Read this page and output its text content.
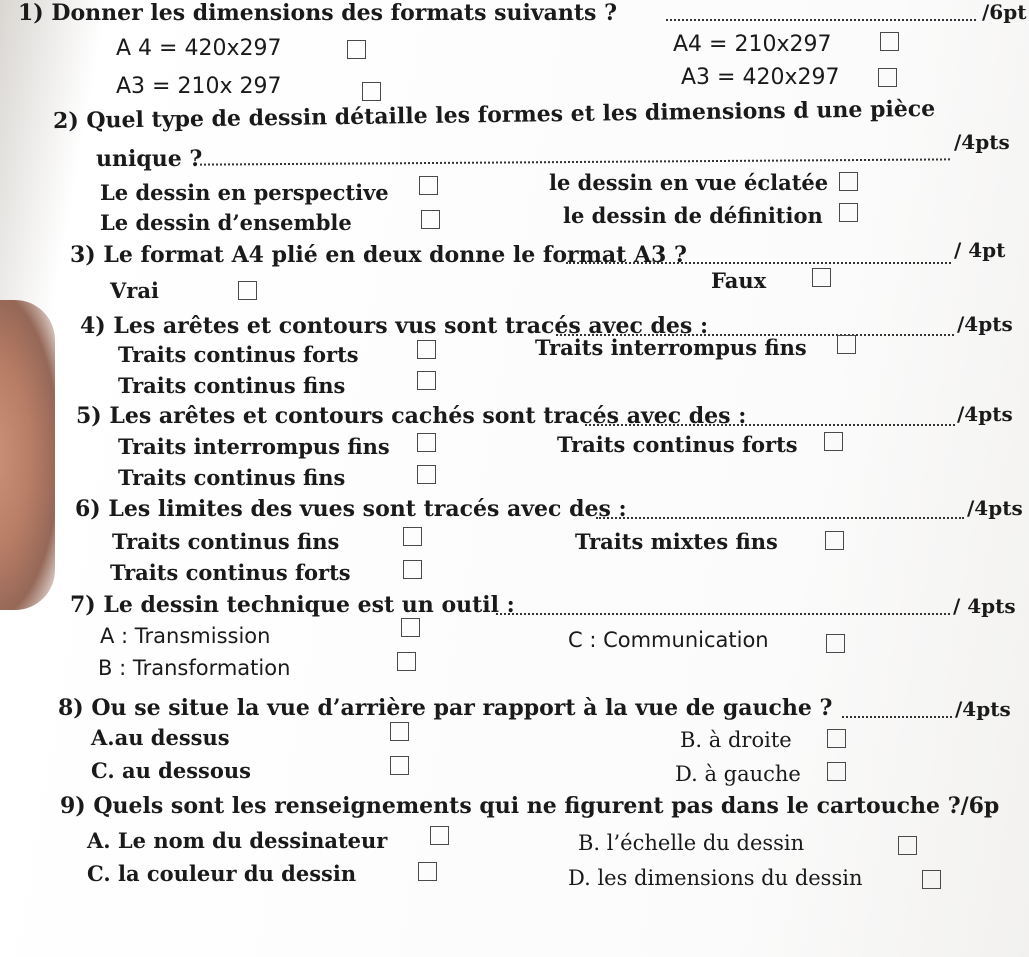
1) Donner les dimensions des formats suivants ?	/6pt
A 4 = 420x297
A3 = 210x 297
A4 = 210x297
A3 = 420x297
2) Quel type de dessin détaille les formes et les dimensions d une pièce
unique ?
/4pts
Le dessin en perspective
Le dessin d’ensemble
le dessin en vue éclatée
le dessin de définition
3) Le format A4 plié en deux donne le format A3 ?	/ 4pt
Vrai	Faux
4) Les arêtes et contours vus sont tracés avec des :	/4pts
Traits continus forts
Traits continus fins
Traits interrompus fins
5) Les arêtes et contours cachés sont tracés avec des :	/4pts
Traits interrompus fins
Traits continus fins
Traits continus forts
6) Les limites des vues sont tracés avec des :	/4pts
Traits continus fins
Traits continus forts
Traits mixtes fins
7) Le dessin technique est un outil :	/ 4pts
A : Transmission
B : Transformation
C : Communication
8) Ou se situe la vue d’arrière par rapport à la vue de gauche ?	/4pts
A.au dessus
C. au dessous
B. à droite
D. à gauche
9) Quels sont les renseignements qui ne figurent pas dans le cartouche ?/6p
A. Le nom du dessinateur
C. la couleur du dessin
B. l’échelle du dessin
D. les dimensions du dessin
